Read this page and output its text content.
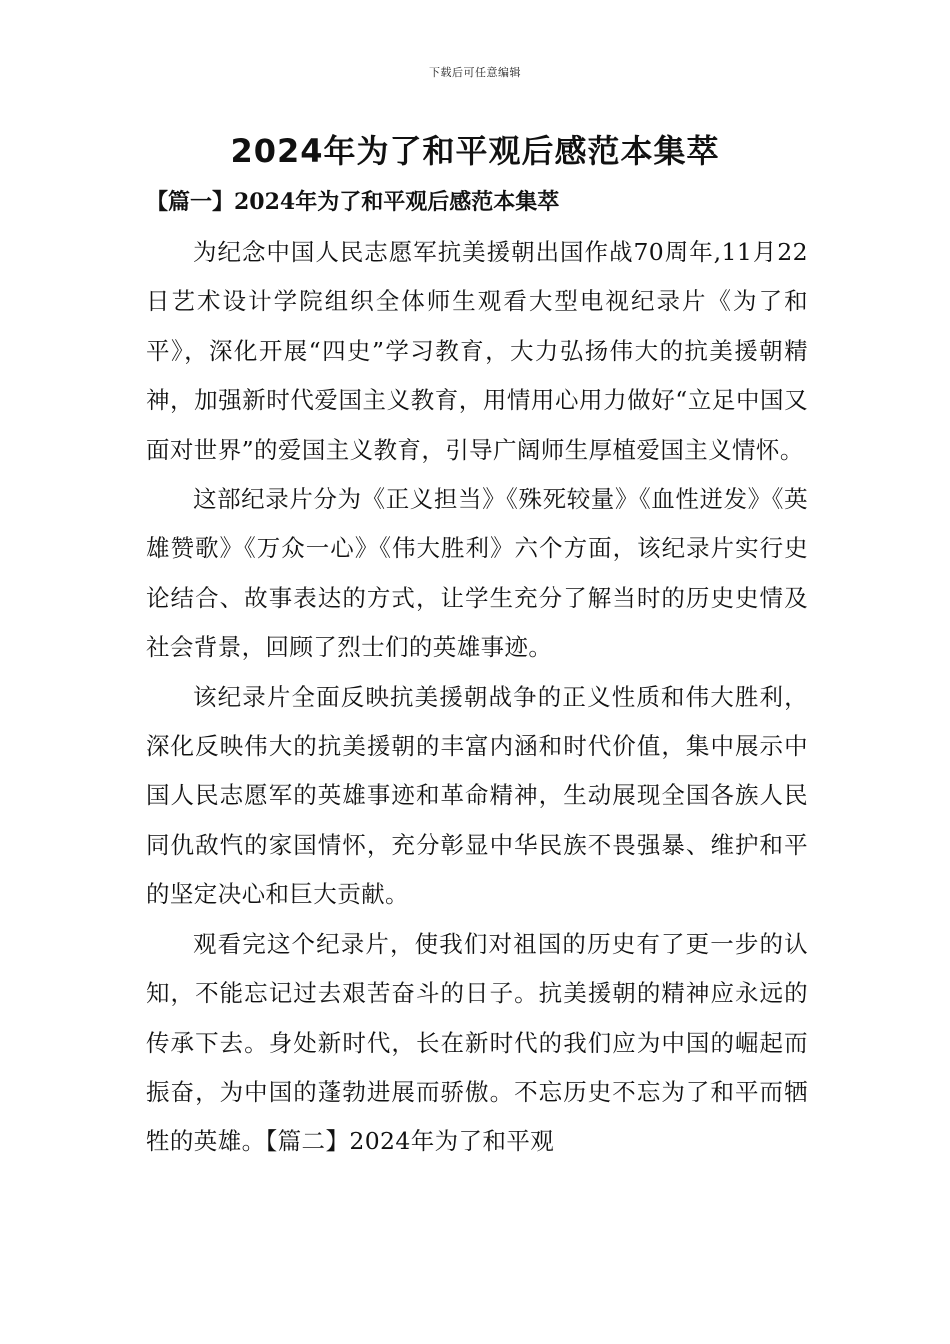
下载后可任意编辑
2024年为了和平观后感范本集萃
【篇一】2024年为了和平观后感范本集萃

为纪念中国人民志愿军抗美援朝出国作战70周年,11月22日艺术设计学院组织全体师生观看大型电视纪录片《为了和平》，深化开展“四史”学习教育，大力弘扬伟大的抗美援朝精神，加强新时代爱国主义教育，用情用心用力做好“立足中国又面对世界”的爱国主义教育，引导广阔师生厚植爱国主义情怀。

这部纪录片分为《正义担当》《殊死较量》《血性迸发》《英雄赞歌》《万众一心》《伟大胜利》六个方面，该纪录片实行史论结合、故事表达的方式，让学生充分了解当时的历史史情及社会背景，回顾了烈士们的英雄事迹。

该纪录片全面反映抗美援朝战争的正义性质和伟大胜利，深化反映伟大的抗美援朝的丰富内涵和时代价值，集中展示中国人民志愿军的英雄事迹和革命精神，生动展现全国各族人民同仇敌忾的家国情怀，充分彰显中华民族不畏强暴、维护和平的坚定决心和巨大贡献。

观看完这个纪录片，使我们对祖国的历史有了更一步的认知，不能忘记过去艰苦奋斗的日子。抗美援朝的精神应永远的传承下去。身处新时代，长在新时代的我们应为中国的崛起而振奋，为中国的蓬勃进展而骄傲。不忘历史不忘为了和平而牺牲的英雄。【篇二】2024年为了和平观
